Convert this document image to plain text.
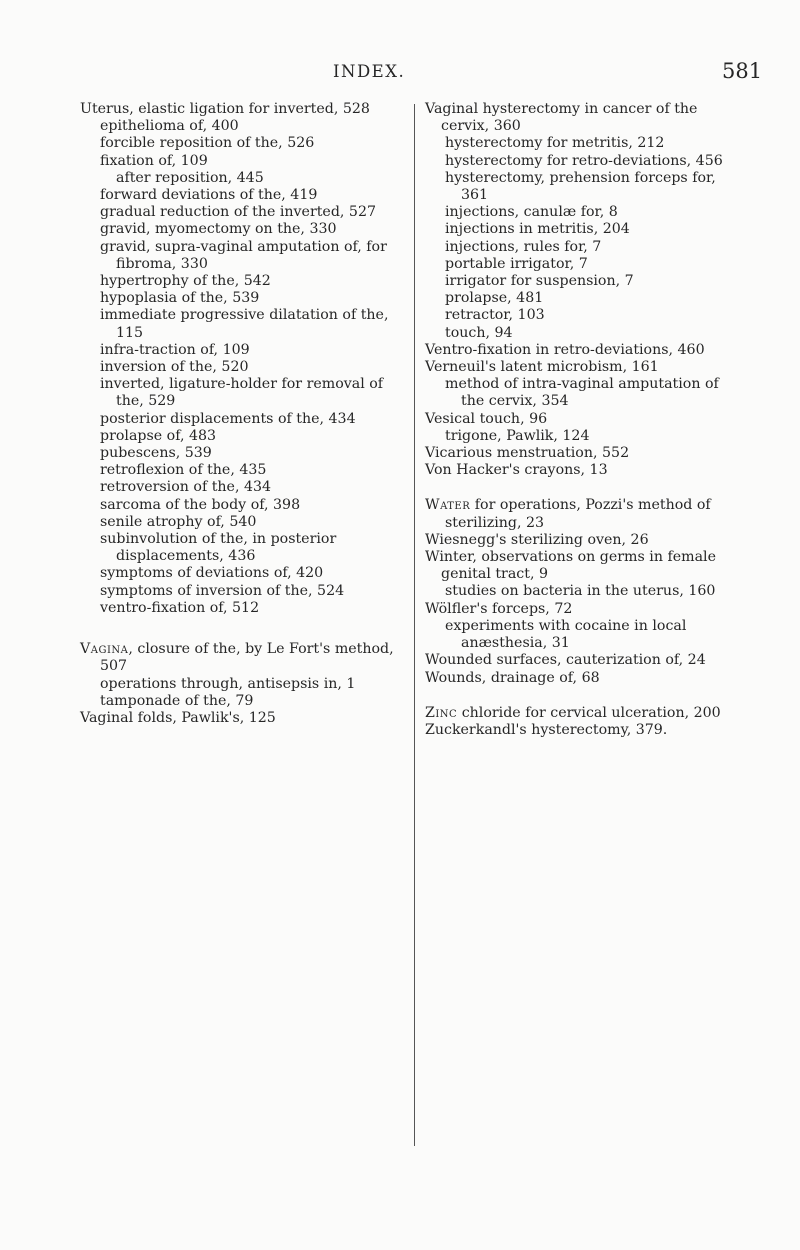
INDEX.	581
Uterus, elastic ligation for inverted, 528
epithelioma of, 400
forcible reposition of the, 526
fixation of, 109
after reposition, 445
forward deviations of the, 419
gradual reduction of the inverted, 527
gravid, myomectomy on the, 330
gravid, supra-vaginal amputation of, for fibroma, 330
hypertrophy of the, 542
hypoplasia of the, 539
immediate progressive dilatation of the, 115
infra-traction of, 109
inversion of the, 520
inverted, ligature-holder for removal of the, 529
posterior displacements of the, 434
prolapse of, 483
pubescens, 539
retroflexion of the, 435
retroversion of the, 434
sarcoma of the body of, 398
senile atrophy of, 540
subinvolution of the, in posterior displacements, 436
symptoms of deviations of, 420
symptoms of inversion of the, 524
ventro-fixation of, 512
Vagina, closure of the, by Le Fort's method, 507
operations through, antisepsis in, 1
tamponade of the, 79
Vaginal folds, Pawlik's, 125
Vaginal hysterectomy in cancer of the cervix, 360
hysterectomy for metritis, 212
hysterectomy for retro-deviations, 456
hysterectomy, prehension forceps for, 361
injections, canulæ for, 8
injections in metritis, 204
injections, rules for, 7
portable irrigator, 7
irrigator for suspension, 7
prolapse, 481
retractor, 103
touch, 94
Ventro-fixation in retro-deviations, 460
Verneuil's latent microbism, 161
method of intra-vaginal amputation of the cervix, 354
Vesical touch, 96
trigone, Pawlik, 124
Vicarious menstruation, 552
Von Hacker's crayons, 13
Water for operations, Pozzi's method of sterilizing, 23
Wiesnegg's sterilizing oven, 26
Winter, observations on germs in female genital tract, 9
studies on bacteria in the uterus, 160
Wölfler's forceps, 72
experiments with cocaine in local anæsthesia, 31
Wounded surfaces, cauterization of, 24
Wounds, drainage of, 68
Zinc chloride for cervical ulceration, 200
Zuckerkandl's hysterectomy, 379.
